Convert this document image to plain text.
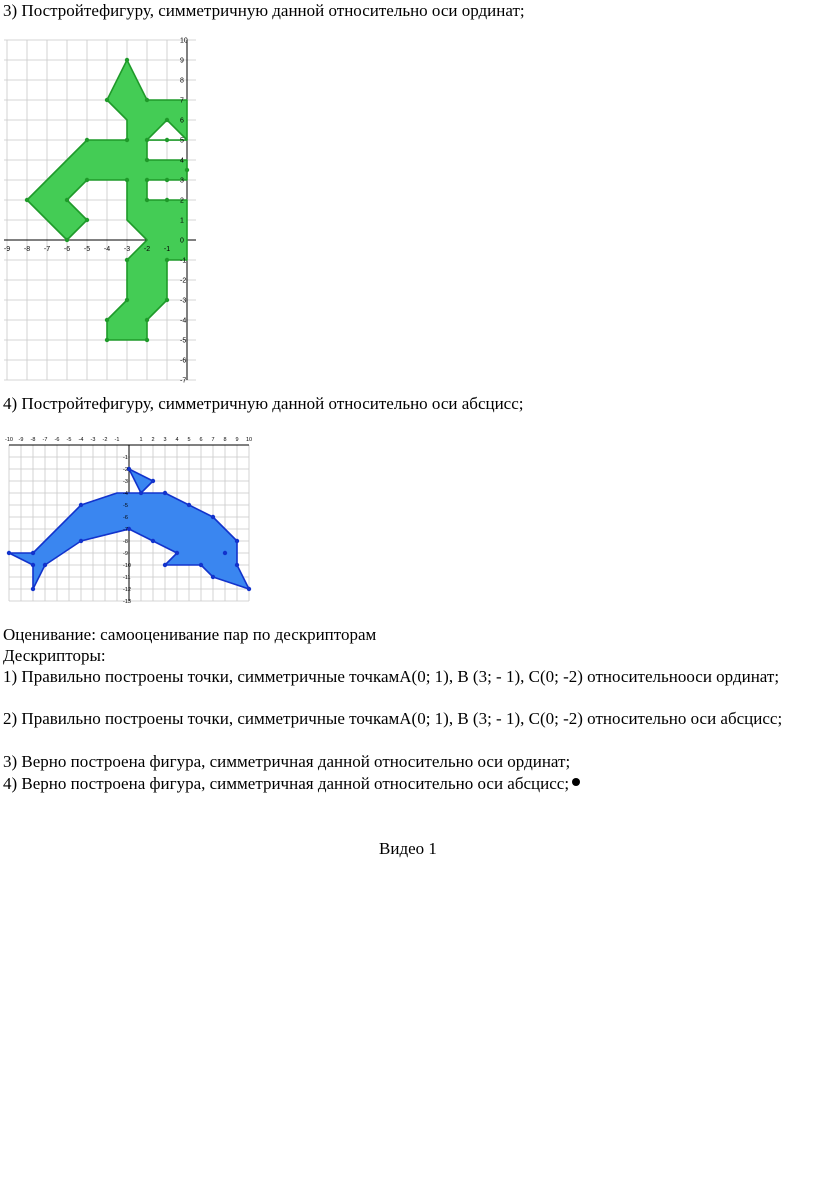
3) Постройтефигуру, симметричную данной относительно оси ординат;
-9 -8 -7 -6 -5 -4 -3 -2 -1
-7
-6
-5
-4
-3
-2
-1
0
1
2
3
4
5
6
7
8
9
10
4) Постройтефигуру, симметричную данной относительно оси абсцисс;
-10 -9 -8 -7 -6 -5 -4 -3 -2 -1	1 2 3 4 5 6 7 8 9 10
-1
-2
-3
-4
-5
-6
-7
-8
-9
-10
-11
-12
-13
Оценивание: самооценивание пар по дескрипторам
Дескрипторы:
1) Правильно построены точки, симметричные точкамА(0; 1), В (3; - 1), С(0; -2) относительнооси ординат;
2) Правильно построены точки, симметричные точкамА(0; 1), В (3; - 1), С(0; -2) относительно оси абсцисс;
3) Верно построена фигура, симметричная данной относительно оси ординат;
4) Верно построена фигура, симметричная данной относительно оси абсцисс;
Видео 1
